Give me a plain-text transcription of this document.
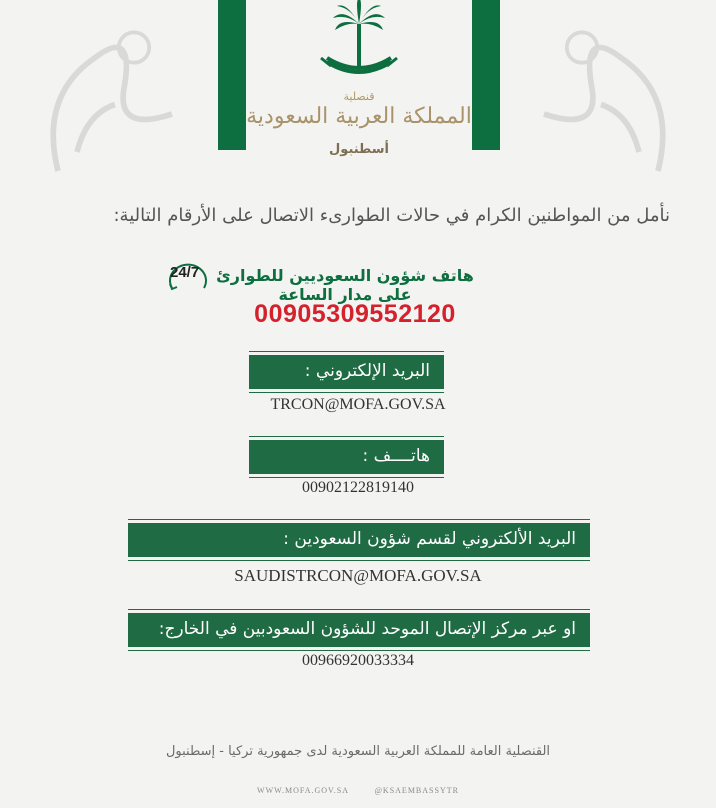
قنصلية
المملكة العربية السعودية
أسطنبول
نأمل من المواطنين الكرام في حالات الطوارىء الاتصال على الأرقام التالية:
24/7	هاتف شؤون السعوديين للطوارئ على مدار الساعة
00905309552120
البريد الإلكتروني :
TRCON@MOFA.GOV.SA
هاتــــف :
00902122819140
البريد الألكتروني لقسم شؤون السعودين :
SAUDISTRCON@MOFA.GOV.SA
او عبر مركز الإتصال الموحد للشؤون السعودبين في الخارج:
00966920033334
القنصلية العامة للمملكة العربية السعودية لدى جمهورية تركيا - إسطنبول
WWW.MOFA.GOV.SA	@KSAEMBASSYTR
